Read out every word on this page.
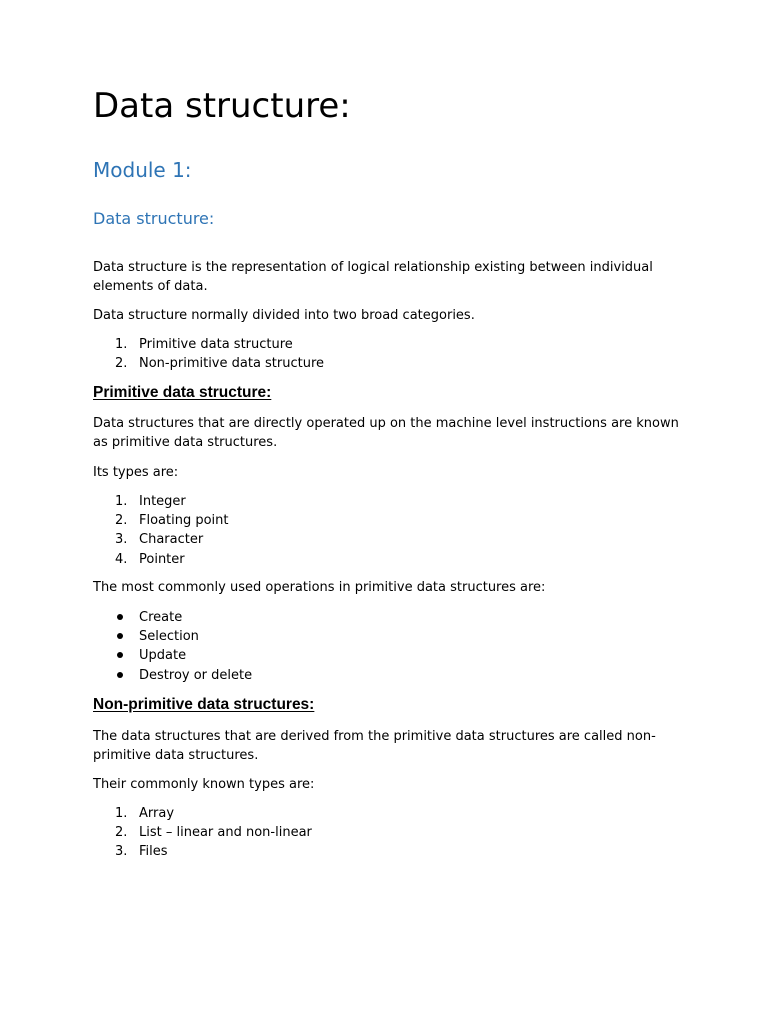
Data structure:
Module 1:
Data structure:
Data structure is the representation of logical relationship existing between individual elements of data.
Data structure normally divided into two broad categories.
1. Primitive data structure
2. Non-primitive data structure
Primitive data structure:
Data structures that are directly operated up on the machine level instructions are known as primitive data structures.
Its types are:
1. Integer
2. Floating point
3. Character
4. Pointer
The most commonly used operations in primitive data structures are:
Create
Selection
Update
Destroy or delete
Non-primitive data structures:
The data structures that are derived from the primitive data structures are called non-primitive data structures.
Their commonly known types are:
1. Array
2. List – linear and non-linear
3. Files
